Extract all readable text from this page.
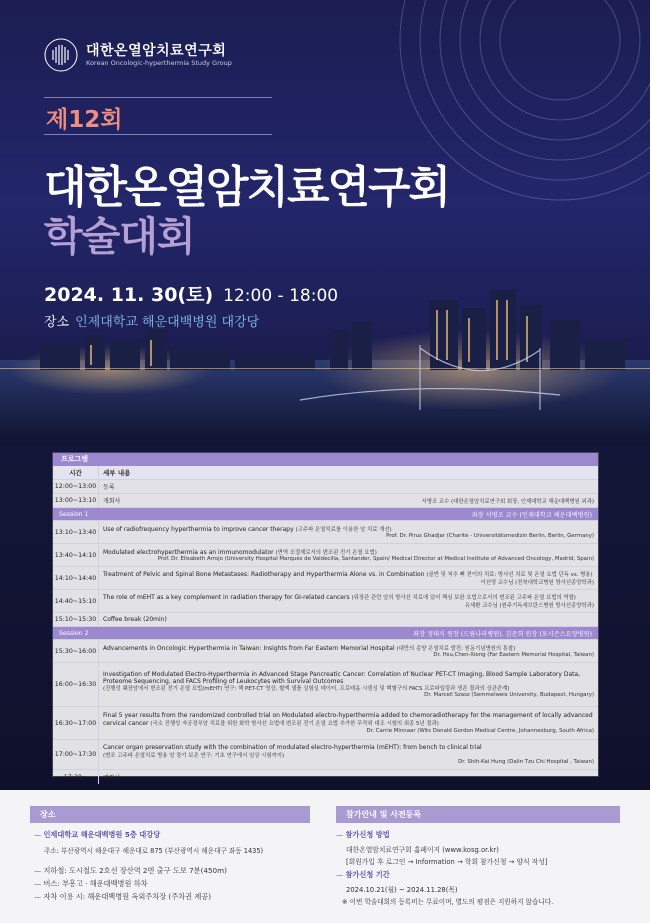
대한온열암치료연구회
Korean Oncologic-hyperthermia Study Group
제12회
대한온열암치료연구회
학술대회
2024. 11. 30(토) 12:00 - 18:00
장소 인제대학교 해운대백병원 대강당
프로그램
시간	세부 내용
12:00~13:00 등록
13:00~13:10 개회사	서병조 교수 (대한온열암치료연구회 회장, 인제대학교 해운대백병원 외과)
Session 1	좌장 서병조 교수 (인제대학교 해운대백병원)
13:10~13:40 Use of radiofrequency hyperthermia to improve cancer therapy (고주파 온열치료를 이용한 암 치료 개선)
Prof. Dr. Pirus Ghadjar (Charité - Universitätsmedizin Berlin, Berlin, Germany)
13:40~14:10 Modulated electrohyperthermia as an immunomodulator (면역 조절제로서의 변조된 전기 온열 요법)
Prof. Dr. Elisabeth Arrojo (University Hospital Marqués de Valdecilla, Santander, Spain/ Medical Director at Medical Institute of Advanced Oncology, Madrid, Spain)
14:10~14:40 Treatment of Pelvic and Spinal Bone Metastases: Radiotherapy and Hyperthermia Alone vs. in Combination (골반 및 척추 뼈 전이의 치료: 방사선 치료 및 온열 요법 단독 vs. 병용)
이선영 교수님 (전북대학교병원 방사선종양학과)
14:40~15:10 The role of mEHT as a key complement in radiation therapy for GI-related cancers (위장관 관련 암의 방사선 치료에 있어 핵심 보완 요법으로서의 변조된 고주파 온열 요법의 역할)
유세환 교수님 (원주기독세브란스병원 방사선종양학과)
15:10~15:30 Coffee break (20min)
Session 2	좌장 정태식 원장 (드림나라병원), 김준희 원장 (포시즌스요양병원)
15:30~16:00 Advancements in Oncologic Hyperthermia in Taiwan: Insights from Far Eastern Memorial Hospital (대만의 종양 온열치료 발전: 원동기념병원의 통찰)
Dr. Hsu,Chen-Xiong (Far Eastern Memorial Hospital, Taiwan)
16:00~16:30
Investigation of Modulated Electro-Hyperthermia in Advanced Stage Pancreatic Cancer: Correlation of Nuclear PET-CT Imaging, Blood Sample Laboratory Data, Proteome Sequencing, and FACS Profiling of Leukocytes with Survival Outcomes
(진행성 췌장암에서 변조된 전기 온열 요법(mEHT) 연구: 핵 PET-CT 영상, 혈액 샘플 실험실 데이터, 프로테옴 시퀀싱 및 백혈구의 FACS 프로파일링과 생존 결과의 상관관계)
Dr. Marcell Szasz (Semmelweis University, Budapest, Hungary)
16:30~17:00
Final 5 year results from the randomized controlled trial on Modulated electro-hyperthermia added to chemoradiotherapy for the management of locally advanced cervical cancer (국소 진행성 자궁경부암 치료를 위한 화학 방사선 요법에 변조된 전기 온열 요법 추가한 무작위 대조 시험의 최종 5년 결과)
Dr. Carrie Minnaar (Wits Donald Gordon Medical Centre, Johannesburg, South Africa)
17:00~17:30
Cancer organ preservation study with the combination of modulated electro-hyperthermia (mEHT): from bench to clinical trial
(변조 고주파 온열치료 병용 암 장기 보존 연구: 기초 연구에서 임상 시험까지)
Dr. Shih-Kai Hung (Dalin Tzu Chi Hospital , Taiwan)
17:30~	폐회사
장소
— 인제대학교 해운대백병원 5층 대강당
주소: 부산광역시 해운대구 해운대로 875 (부산광역시 해운대구 좌동 1435)
— 지하철: 도시철도 2호선 장산역 2번 출구 도보 7분(450m)
— 버스: 부흥고 · 해운대백병원 하차
— 자차 이용 시: 해운대백병원 옥외주차장 (주차권 제공)
참가안내 및 사전등록
— 참가신청 방법
대한온열암치료연구회 홈페이지 (www.kosg.or.kr)
[회원가입 후 로그인 → Information → 학회 참가신청 → 양식 작성]
— 참가신청 기간
2024.10.21(월) ~ 2024.11.28(목)
※ 이번 학술대회의 등록비는 무료이며, 별도의 평점은 지원하지 않습니다.
